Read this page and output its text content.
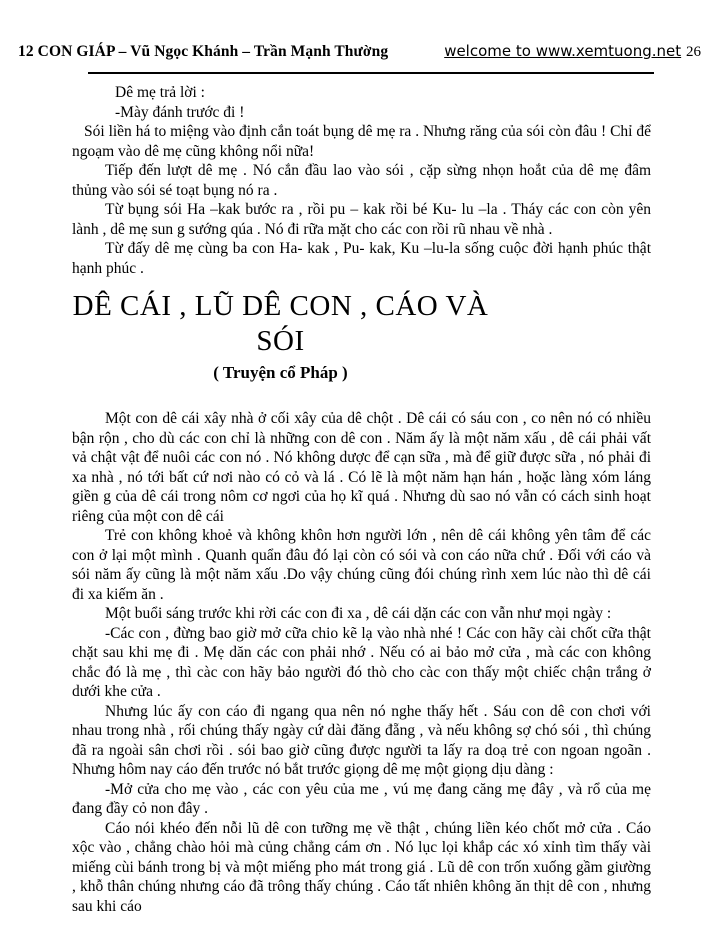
12 CON GIÁP – Vũ Ngọc Khánh – Trần Mạnh Thường	welcome to www.xemtuong.net 26

Dê mẹ trả lời :

-Mày đánh trước đi !

Sói liền há to miệng vào định cắn toát bụng dê mẹ ra . Nhưng răng của sói còn đâu ! Chỉ để ngoạm vào dê mẹ cũng không nổi nữa!

Tiếp đến lượt dê mẹ . Nó cắn đầu lao vào sói , cặp sừng nhọn hoắt của dê mẹ đâm thủng vào sói sé toạt bụng nó ra .

Từ bụng sói Ha –kak bước ra , rồi pu – kak rồi bé Ku- lu –la . Tháy các con còn yên lành , dê mẹ sun g sướng qúa . Nó đi rữa mặt cho các con rồi rũ nhau về nhà .

Từ đấy dê mẹ cùng ba con Ha- kak , Pu- kak, Ku –lu-la sống cuộc đời hạnh phúc thật hạnh phúc .

DÊ CÁI , LŨ DÊ CON , CÁO VÀ SÓI

( Truyện cổ Pháp )

Một con dê cái xây nhà ở cối xây của dê chột . Dê cái có sáu con , co nên nó có nhiều bận rộn , cho dù các con chỉ là những con dê con . Năm ấy là một năm xấu , dê cái phải vất vả chật vật để nuôi các con nó . Nó không dược để cạn sữa , mà để giữ được sữa , nó phải đi xa nhà , nó tới bất cứ nơi nào có cỏ và lá . Có lẽ là một năm hạn hán , hoặc làng xóm láng giền g của dê cái trong nôm cơ ngơi của họ kĩ quá . Nhưng dù sao nó vẫn có cách sinh hoạt riêng của một con dê cái

Trẻ con không khoẻ và không khôn hơn người lớn , nên dê cái không yên tâm để các con ở lại một mình . Quanh quẩn đâu đó lại còn có sói và con cáo nữa chứ . Đối với cáo và sói năm ấy cũng là một năm xấu .Do vậy chúng cũng đói chúng rình xem lúc nào thì dê cái đi xa kiếm ăn .

Một buổi sáng trước khi rời các con đi xa , dê cái dặn các con vẫn như mọi ngày :

-Các con , đừng bao giờ mở cữa chio kẽ lạ vào nhà nhé ! Các con hãy cài chốt cữa thật chặt sau khi mẹ đi . Mẹ dăn các con phải nhớ . Nếu có ai bảo mở cửa , mà các con không chắc đó là mẹ , thì càc con hãy bảo người đó thò cho càc con thấy một chiếc chận trắng ở dưới khe cửa .

Nhưng lúc ấy con cáo đi ngang qua nên nó nghe thấy hết . Sáu con dê con chơi với nhau trong nhà , rối chúng thấy ngày cứ dài đăng đẵng , và nếu không sợ chó sói , thì chúng đã ra ngoài sân chơi rồi . sói bao giờ cũng được người ta lấy ra doạ trẻ con ngoan ngoãn . Nhưng hôm nay cáo đến trước nó bắt trước giọng dê mẹ một giọng dịu dàng :

-Mở cửa cho mẹ vào , các con yêu của me , vú mẹ đang căng mẹ đây , và rổ của mẹ đang đầy cỏ non đây .

Cáo nói khéo đến nỗi lũ dê con tưỡng mẹ về thật , chúng liền kéo chốt mở cửa . Cáo xộc vào , chẳng chào hỏi mà củng chẳng cám ơn . Nó lục lọi khắp các xó xỉnh tìm thấy vài miếng cùi bánh trong bị và một miếng pho mát trong giá . Lũ dê con trốn xuống gầm giường , khỗ thân chúng nhưng cáo đã trông thấy chúng . Cáo tất nhiên không ăn thịt dê con , nhưng sau khi cáo
